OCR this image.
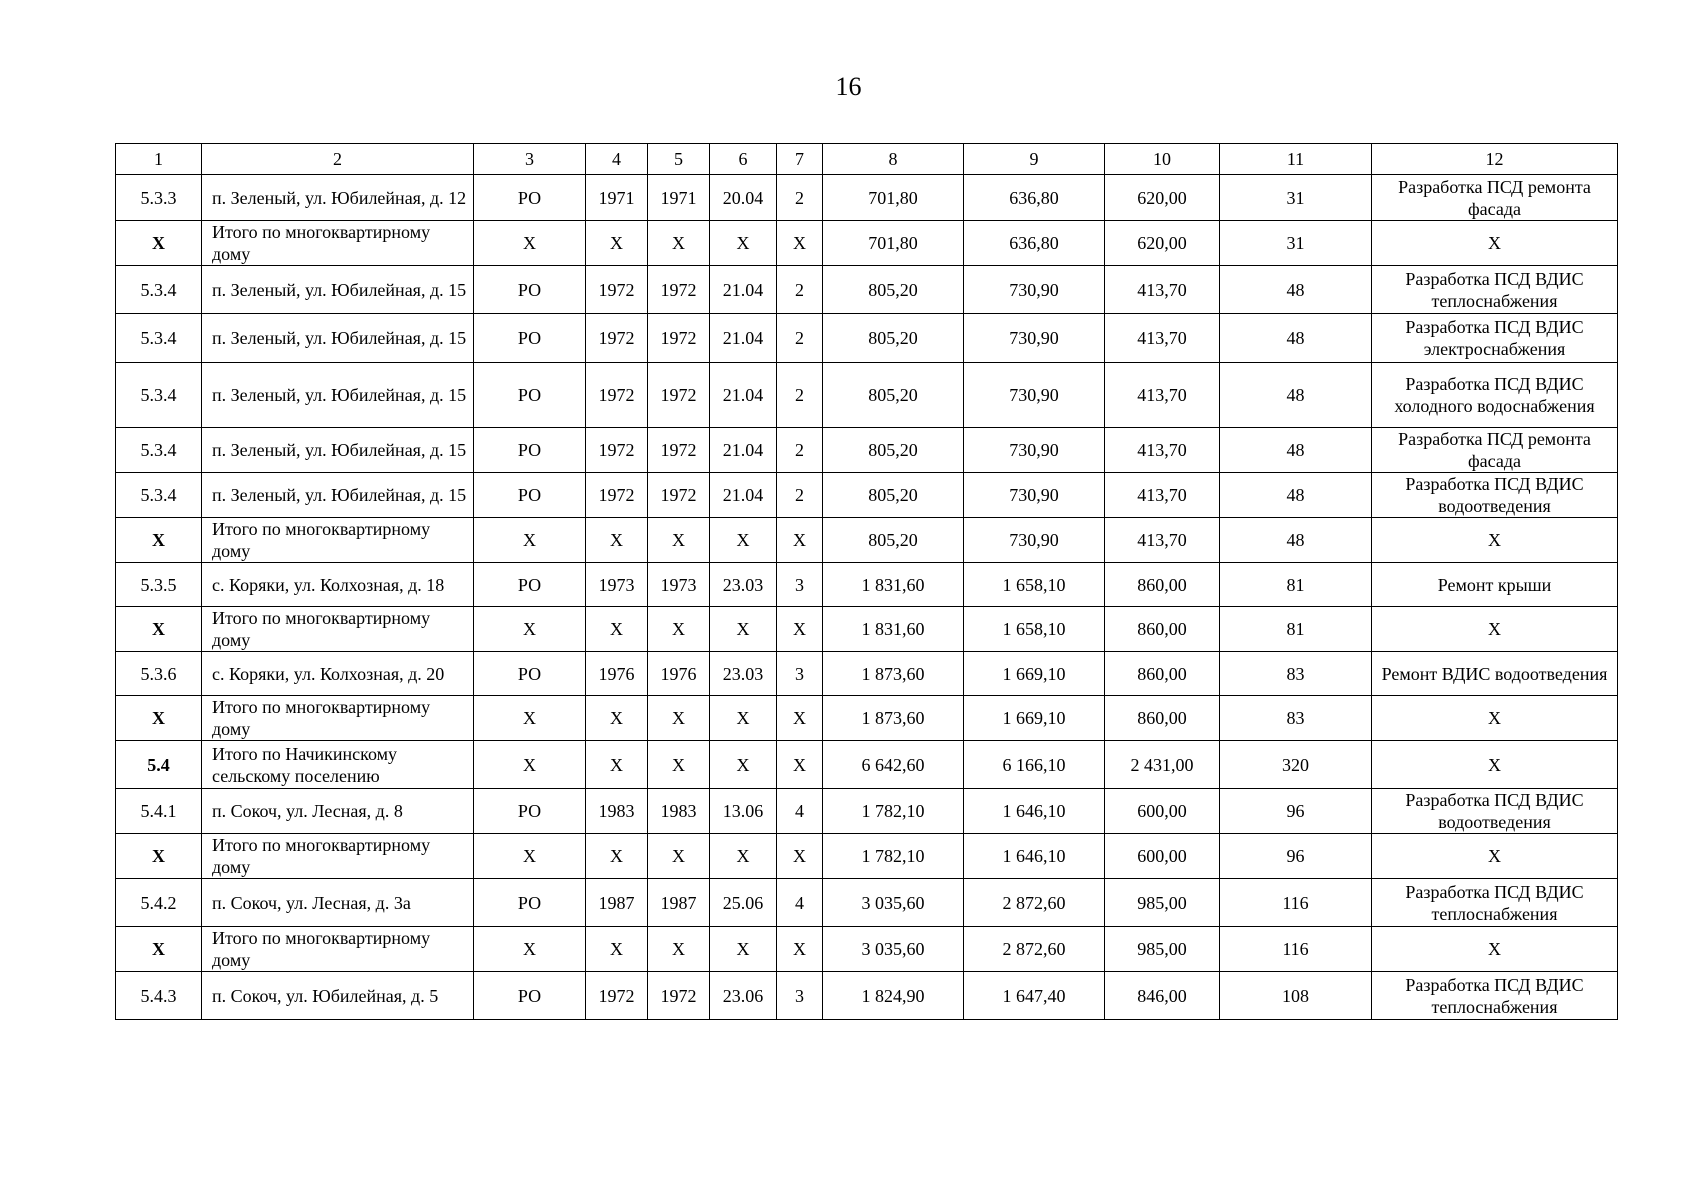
16
1	2	3	4	5	6	7	8	9	10	11	12
5.3.3	п. Зеленый, ул. Юбилейная, д. 12	РО	1971	1971	20.04	2	701,80	636,80	620,00	31	Разработка ПСД ремонта фасада
X	Итого по многоквартирному дому	X	X	X	X	X	701,80	636,80	620,00	31	X
5.3.4	п. Зеленый, ул. Юбилейная, д. 15	РО	1972	1972	21.04	2	805,20	730,90	413,70	48	Разработка ПСД ВДИС теплоснабжения
5.3.4	п. Зеленый, ул. Юбилейная, д. 15	РО	1972	1972	21.04	2	805,20	730,90	413,70	48	Разработка ПСД ВДИС электроснабжения
5.3.4	п. Зеленый, ул. Юбилейная, д. 15	РО	1972	1972	21.04	2	805,20	730,90	413,70	48	Разработка ПСД ВДИС холодного водоснабжения
5.3.4	п. Зеленый, ул. Юбилейная, д. 15	РО	1972	1972	21.04	2	805,20	730,90	413,70	48	Разработка ПСД ремонта фасада
5.3.4	п. Зеленый, ул. Юбилейная, д. 15	РО	1972	1972	21.04	2	805,20	730,90	413,70	48	Разработка ПСД ВДИС водоотведения
X	Итого по многоквартирному дому	X	X	X	X	X	805,20	730,90	413,70	48	X
5.3.5	с. Коряки, ул. Колхозная, д. 18	РО	1973	1973	23.03	3	1 831,60	1 658,10	860,00	81	Ремонт крыши
X	Итого по многоквартирному дому	X	X	X	X	X	1 831,60	1 658,10	860,00	81	X
5.3.6	с. Коряки, ул. Колхозная, д. 20	РО	1976	1976	23.03	3	1 873,60	1 669,10	860,00	83	Ремонт ВДИС водоотведения
X	Итого по многоквартирному дому	X	X	X	X	X	1 873,60	1 669,10	860,00	83	X
5.4	Итого по Начикинскому сельскому поселению	X	X	X	X	X	6 642,60	6 166,10	2 431,00	320	X
5.4.1	п. Сокоч, ул. Лесная, д. 8	РО	1983	1983	13.06	4	1 782,10	1 646,10	600,00	96	Разработка ПСД ВДИС водоотведения
X	Итого по многоквартирному дому	X	X	X	X	X	1 782,10	1 646,10	600,00	96	X
5.4.2	п. Сокоч, ул. Лесная, д. 3а	РО	1987	1987	25.06	4	3 035,60	2 872,60	985,00	116	Разработка ПСД ВДИС теплоснабжения
X	Итого по многоквартирному дому	X	X	X	X	X	3 035,60	2 872,60	985,00	116	X
5.4.3	п. Сокоч, ул. Юбилейная, д. 5	РО	1972	1972	23.06	3	1 824,90	1 647,40	846,00	108	Разработка ПСД ВДИС теплоснабжения
